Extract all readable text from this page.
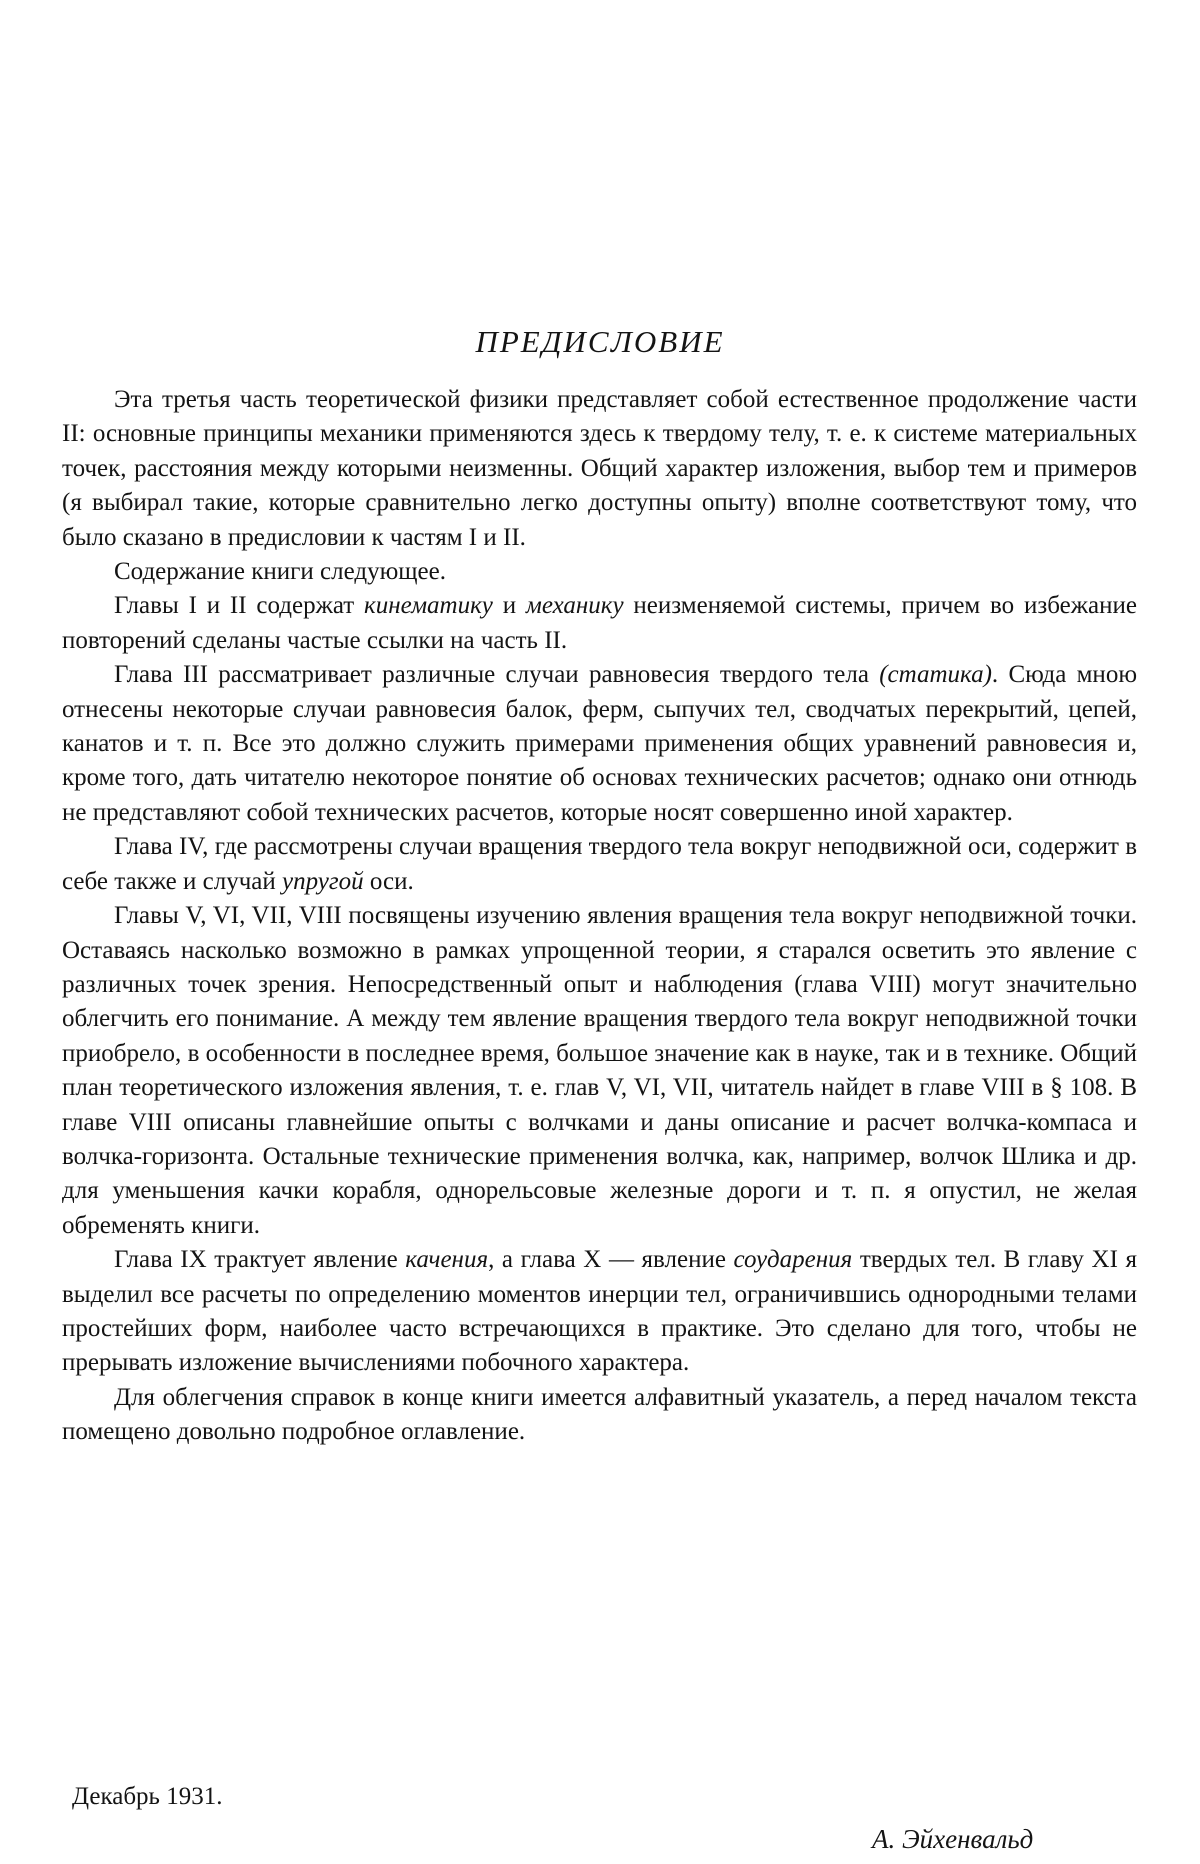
ПРЕДИСЛОВИЕ

Эта третья часть теоретической физики представляет собой естественное продолжение части II: основные принципы механики применяются здесь к твердому телу, т. е. к системе материальных точек, расстояния между которыми неизменны. Общий характер изложения, выбор тем и примеров (я выбирал такие, которые сравнительно легко доступны опыту) вполне соответствуют тому, что было сказано в предисловии к частям I и II.

Содержание книги следующее.

Главы I и II содержат кинематику и механику неизменяемой системы, причем во избежание повторений сделаны частые ссылки на часть II.

Глава III рассматривает различные случаи равновесия твердого тела (статика). Сюда мною отнесены некоторые случаи равновесия балок, ферм, сыпучих тел, сводчатых перекрытий, цепей, канатов и т. п. Все это должно служить примерами применения общих уравнений равновесия и, кроме того, дать читателю некоторое понятие об основах технических расчетов; однако они отнюдь не представляют собой технических расчетов, которые носят совершенно иной характер.

Глава IV, где рассмотрены случаи вращения твердого тела вокруг неподвижной оси, содержит в себе также и случай упругой оси.

Главы V, VI, VII, VIII посвящены изучению явления вращения тела вокруг неподвижной точки. Оставаясь насколько возможно в рамках упрощенной теории, я старался осветить это явление с различных точек зрения. Непосредственный опыт и наблюдения (глава VIII) могут значительно облегчить его понимание. А между тем явление вращения твердого тела вокруг неподвижной точки приобрело, в особенности в последнее время, большое значение как в науке, так и в технике. Общий план теоретического изложения явления, т. е. глав V, VI, VII, читатель найдет в главе VIII в § 108. В главе VIII описаны главнейшие опыты с волчками и даны описание и расчет волчка-компаса и волчка-горизонта. Остальные технические применения волчка, как, например, волчок Шлика и др. для уменьшения качки корабля, однорельсовые железные дороги и т. п. я опустил, не желая обременять книги.

Глава IX трактует явление качения, а глава X — явление соударения твердых тел. В главу XI я выделил все расчеты по определению моментов инерции тел, ограничившись однородными телами простейших форм, наиболее часто встречающихся в практике. Это сделано для того, чтобы не прерывать изложение вычислениями побочного характера.

Для облегчения справок в конце книги имеется алфавитный указатель, а перед началом текста помещено довольно подробное оглавление.

Декабрь 1931.
А. Эйхенвальд
